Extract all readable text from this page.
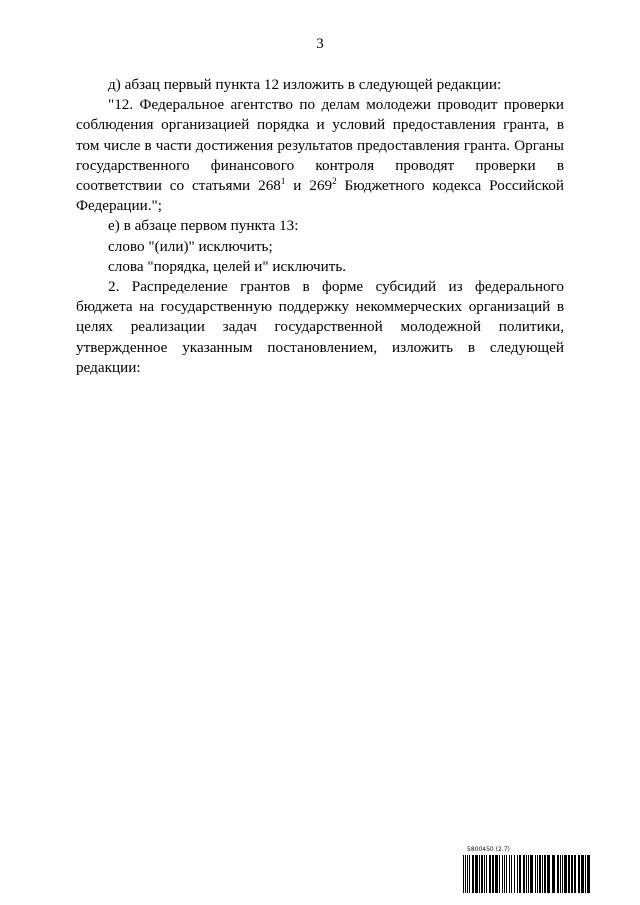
3

д) абзац первый пункта 12 изложить в следующей редакции:

"12. Федеральное агентство по делам молодежи проводит проверки соблюдения организацией порядка и условий предоставления гранта, в том числе в части достижения результатов предоставления гранта. Органы государственного финансового контроля проводят проверки в соответствии со статьями $268^1$ и $269^2$ Бюджетного кодекса Российской Федерации.";

е) в абзаце первом пункта 13:

слово "(или)" исключить;

слова "порядка, целей и" исключить.

2. Распределение грантов в форме субсидий из федерального бюджета на государственную поддержку некоммерческих организаций в целях реализации задач государственной молодежной политики, утвержденное указанным постановлением, изложить в следующей редакции:

5800450 (2.7)
